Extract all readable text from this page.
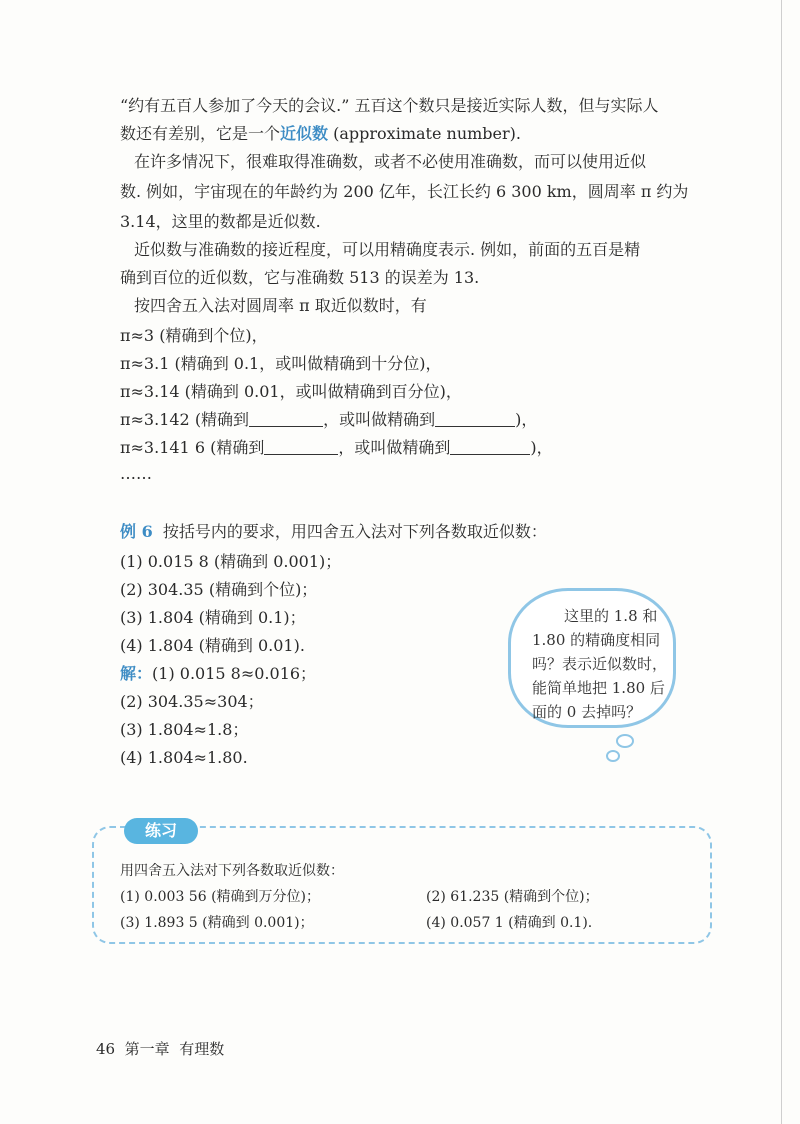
“约有五百人参加了今天的会议.” 五百这个数只是接近实际人数，但与实际人
数还有差别，它是一个近似数 (approximate number).
在许多情况下，很难取得准确数，或者不必使用准确数，而可以使用近似
数. 例如，宇宙现在的年龄约为 200 亿年，长江长约 6 300 km，圆周率 π 约为
3.14，这里的数都是近似数.
近似数与准确数的接近程度，可以用精确度表示. 例如，前面的五百是精
确到百位的近似数，它与准确数 513 的误差为 13.
按四舍五入法对圆周率 π 取近似数时，有
π≈3 (精确到个位)，
π≈3.1 (精确到 0.1，或叫做精确到十分位)，
π≈3.14 (精确到 0.01，或叫做精确到百分位)，
π≈3.142 (精确到	，或叫做精确到	)，
π≈3.141 6 (精确到	，或叫做精确到	)，
……
例 6 按括号内的要求，用四舍五入法对下列各数取近似数：
(1) 0.015 8 (精确到 0.001)；
(2) 304.35 (精确到个位)；
(3) 1.804 (精确到 0.1)；
(4) 1.804 (精确到 0.01).
解：(1) 0.015 8≈0.016；
(2) 304.35≈304；
(3) 1.804≈1.8；
(4) 1.804≈1.80.
这里的 1.8 和
1.80 的精确度相同
吗？表示近似数时，
能简单地把 1.80 后
面的 0 去掉吗？
练习
用四舍五入法对下列各数取近似数：
(1) 0.003 56 (精确到万分位)；	(2) 61.235 (精确到个位)；
(3) 1.893 5 (精确到 0.001)；	(4) 0.057 1 (精确到 0.1).
46 第一章 有理数
